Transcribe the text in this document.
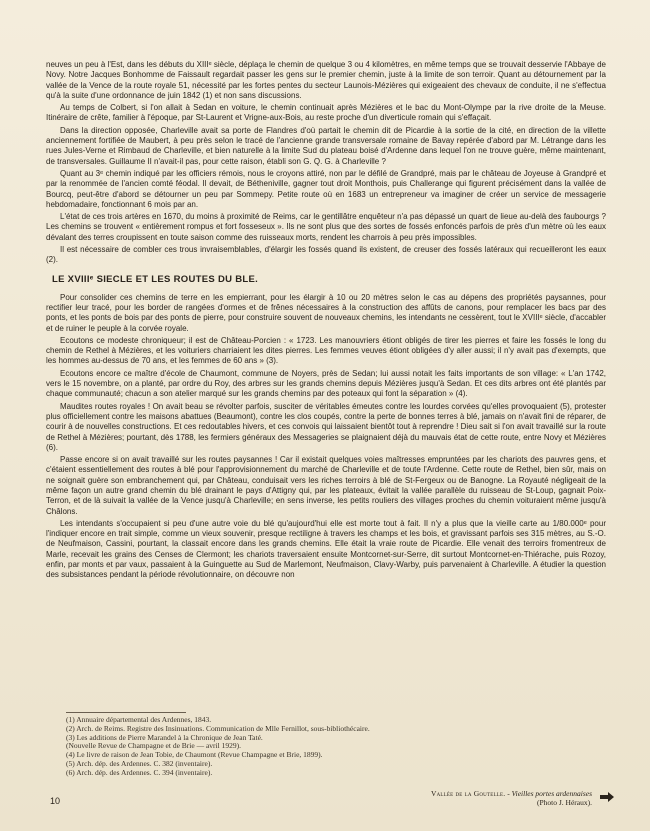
neuves un peu à l'Est, dans les débuts du XIIIᵉ siècle, déplaça le chemin de quelque 3 ou 4 kilomètres, en même temps que se trouvait desservie l'Abbaye de Novy. Notre Jacques Bonhomme de Faissault regardait passer les gens sur le premier chemin, juste à la limite de son terroir. Quant au détournement par la vallée de la Vence de la route royale 51, nécessité par les fortes pentes du secteur Launois-Mézières qui exigeaient des chevaux de conduite, il ne s'effectua qu'à la suite d'une ordonnance de juin 1842 (1) et non sans discussions.

Au temps de Colbert, si l'on allait à Sedan en voiture, le chemin continuait après Mézières et le bac du Mont-Olympe par la rive droite de la Meuse. Itinéraire de crête, familier à l'époque, par St-Laurent et Vrigne-aux-Bois, au reste proche d'un diverticule romain qui s'effaçait.

Dans la direction opposée, Charleville avait sa porte de Flandres d'où partait le chemin dit de Picardie à la sortie de la cité, en direction de la villette anciennement fortifiée de Maubert, à peu près selon le tracé de l'ancienne grande transversale romaine de Bavay repérée d'abord par M. Létrange dans les rues Jules-Verne et Rimbaud de Charleville, et bien naturelle à la limite Sud du plateau boisé d'Ardenne dans lequel l'on ne trouve guère, même maintenant, de transversales. Guillaume II n'avait-il pas, pour cette raison, établi son G. Q. G. à Charleville ?

Quant au 3ᵉ chemin indiqué par les officiers rémois, nous le croyons attiré, non par le défilé de Grandpré, mais par le château de Joyeuse à Grandpré et par la renommée de l'ancien comté féodal. Il devait, de Bétheniville, gagner tout droit Monthois, puis Challerange qui figurent précisément dans la vallée de Bourcq, peut-être d'abord se détourner un peu par Sommepy. Petite route où en 1683 un entrepreneur va imaginer de créer un service de messagerie hebdomadaire, fonctionnant 6 mois par an.

L'état de ces trois artères en 1670, du moins à proximité de Reims, car le gentillâtre enquêteur n'a pas dépassé un quart de lieue au-delà des faubourgs ? Les chemins se trouvent « entièrement rompus et fort fosseseux ». Ils ne sont plus que des sortes de fossés enfoncés parfois de près d'un mètre où les eaux dévalant des terres croupissent en toute saison comme des ruisseaux morts, rendent les charrois à peu près impossibles.

Il est nécessaire de combler ces trous invraisemblables, d'élargir les fossés quand ils existent, de creuser des fossés latéraux qui recueilleront les eaux (2).

LE XVIIIᵉ SIECLE ET LES ROUTES DU BLE.

Pour consolider ces chemins de terre en les empierrant, pour les élargir à 10 ou 20 mètres selon le cas au dépens des propriétés paysannes, pour rectifier leur tracé, pour les border de rangées d'ormes et de frênes nécessaires à la construction des affûts de canons, pour remplacer les bacs par des ponts, et les ponts de bois par des ponts de pierre, pour construire souvent de nouveaux chemins, les intendants ne cessèrent, tout le XVIIIᵉ siècle, d'accabler et de ruiner le peuple à la corvée royale.

Ecoutons ce modeste chroniqueur; il est de Château-Porcien : « 1723. Les manouvriers étiont obligés de tirer les pierres et faire les fossés le long du chemin de Rethel à Mézières, et les voituriers charriaient les dites pierres. Les femmes veuves étiont obligées d'y aller aussi; il n'y avait pas d'exempts, que les hommes au-dessus de 70 ans, et les femmes de 60 ans » (3).

Ecoutons encore ce maître d'école de Chaumont, commune de Noyers, près de Sedan; lui aussi notait les faits importants de son village: « L'an 1742, vers le 15 novembre, on a planté, par ordre du Roy, des arbres sur les grands chemins depuis Mézières jusqu'à Sedan. Et ces dits arbres ont été plantés par chaque communauté; chacun a son atelier marqué sur les grands chemins par des poteaux qui font la séparation » (4).

Maudites routes royales ! On avait beau se révolter parfois, susciter de véritables émeutes contre les lourdes corvées qu'elles provoquaient (5), protester plus officiellement contre les maisons abattues (Beaumont), contre les clos coupés, contre la perte de bonnes terres à blé, jamais on n'avait fini de réparer, de courir à de nouvelles constructions. Et ces redoutables hivers, et ces convois qui laissaient bientôt tout à reprendre ! Dieu sait si l'on avait travaillé sur la route de Rethel à Mézières; pourtant, dès 1788, les fermiers généraux des Messageries se plaignaient déjà du mauvais état de cette route, entre Novy et Mézières (6).

Passe encore si on avait travaillé sur les routes paysannes ! Car il existait quelques voies maîtresses empruntées par les chariots des pauvres gens, et c'étaient essentiellement des routes à blé pour l'approvisionnement du marché de Charleville et de toute l'Ardenne. Cette route de Rethel, bien sûr, mais on ne soignait guère son embranchement qui, par Château, conduisait vers les riches terroirs à blé de St-Fergeux ou de Banogne. La Royauté négligeait de la même façon un autre grand chemin du blé drainant le pays d'Attigny qui, par les plateaux, évitait la vallée parallèle du ruisseau de St-Loup, gagnait Poix-Terron, et de là suivait la vallée de la Vence jusqu'à Charleville; en sens inverse, les petits rouliers des villages proches du chemin voituraient même jusqu'à Châlons.

Les intendants s'occupaient si peu d'une autre voie du blé qu'aujourd'hui elle est morte tout à fait. Il n'y a plus que la vieille carte au 1/80.000ᵉ pour l'indiquer encore en trait simple, comme un vieux souvenir, presque rectiligne à travers les champs et les bois, et gravissant parfois ses 315 mètres, au S.-O. de Neufmaison, Cassini, pourtant, la classait encore dans les grands chemins. Elle était la vraie route de Picardie. Elle venait des terroirs fromentreux de Marle, recevait les grains des Censes de Clermont; les chariots traversaient ensuite Montcornet-sur-Serre, dit surtout Montcornet-en-Thiérache, puis Rozoy, enfin, par monts et par vaux, passaient à la Guinguette au Sud de Marlemont, Neufmaison, Clavy-Warby, puis parvenaient à Charleville. A étudier la question des subsistances pendant la période révolutionnaire, on découvre non

(1) Annuaire départemental des Ardennes, 1843.

(2) Arch. de Reims. Registre des Insinuations. Communication de Mlle Fernillot, sous-bibliothécaire.

(3) Les additions de Pierre Marandel à la Chronique de Jean Taté.

(Nouvelle Revue de Champagne et de Brie — avril 1929).

(4) Le livre de raison de Jean Tobie, de Chaumont (Revue Champagne et Brie, 1899).

(5) Arch. dép. des Ardennes. C. 382 (inventaire).

(6) Arch. dép. des Ardennes. C. 394 (inventaire).

10
Vallée de la Goutelle. - Vieilles portes ardennaises
(Photo J. Héraux).
